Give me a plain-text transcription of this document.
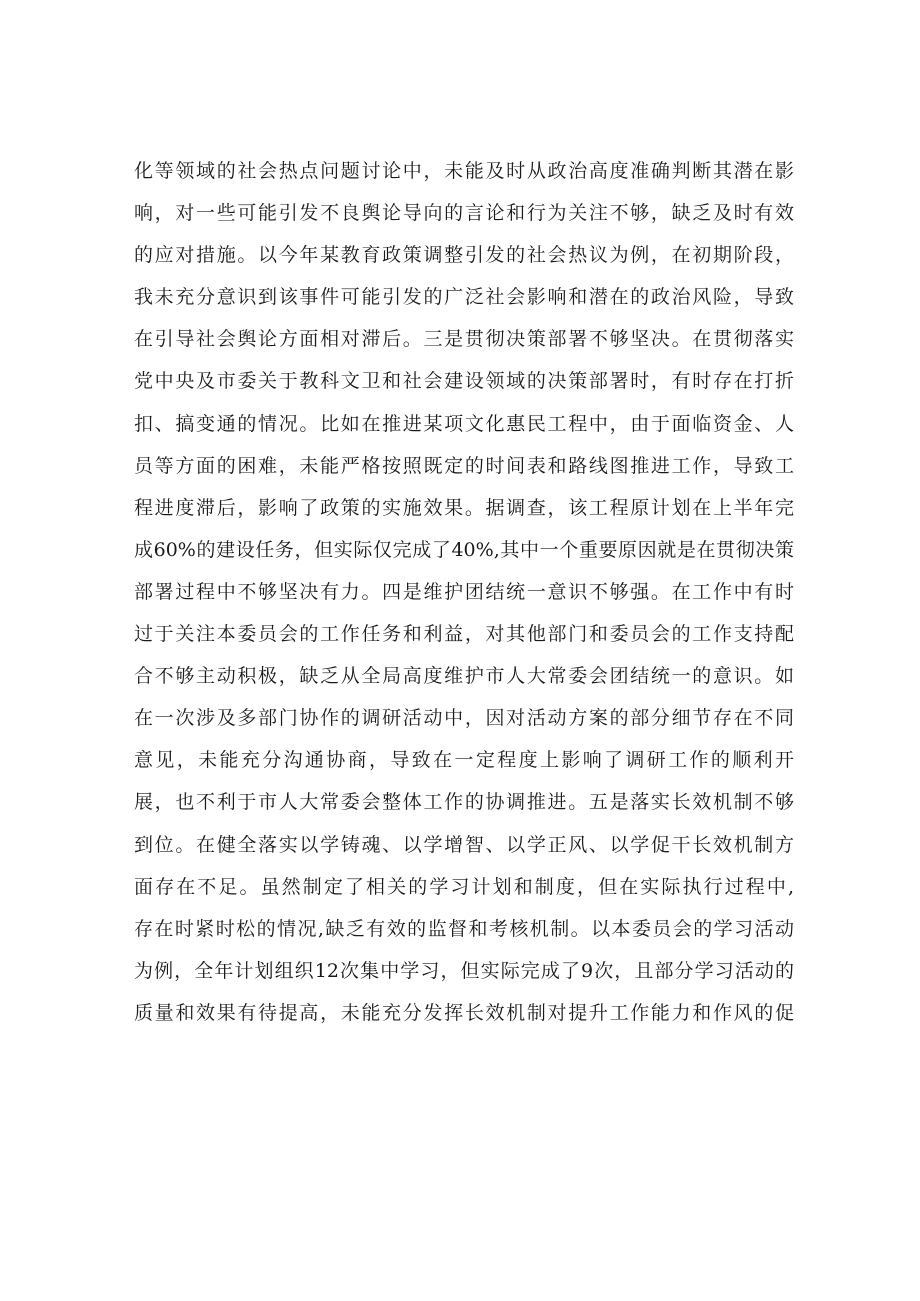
化等领域的社会热点问题讨论中，未能及时从政治高度准确判断其潜在影
响，对一些可能引发不良舆论导向的言论和行为关注不够，缺乏及时有效
的应对措施。以今年某教育政策调整引发的社会热议为例，在初期阶段，
我未充分意识到该事件可能引发的广泛社会影响和潜在的政治风险，导致
在引导社会舆论方面相对滞后。三是贯彻决策部署不够坚决。在贯彻落实
党中央及市委关于教科文卫和社会建设领域的决策部署时，有时存在打折
扣、搞变通的情况。比如在推进某项文化惠民工程中，由于面临资金、人
员等方面的困难，未能严格按照既定的时间表和路线图推进工作，导致工
程进度滞后，影响了政策的实施效果。据调查，该工程原计划在上半年完
成60%的建设任务，但实际仅完成了40%,其中一个重要原因就是在贯彻决策
部署过程中不够坚决有力。四是维护团结统一意识不够强。在工作中有时
过于关注本委员会的工作任务和利益，对其他部门和委员会的工作支持配
合不够主动积极，缺乏从全局高度维护市人大常委会团结统一的意识。如
在一次涉及多部门协作的调研活动中，因对活动方案的部分细节存在不同
意见，未能充分沟通协商，导致在一定程度上影响了调研工作的顺利开
展，也不利于市人大常委会整体工作的协调推进。五是落实长效机制不够
到位。在健全落实以学铸魂、以学增智、以学正风、以学促干长效机制方
面存在不足。虽然制定了相关的学习计划和制度，但在实际执行过程中,
存在时紧时松的情况,缺乏有效的监督和考核机制。以本委员会的学习活动
为例，全年计划组织12次集中学习，但实际完成了9次，且部分学习活动的
质量和效果有待提高，未能充分发挥长效机制对提升工作能力和作风的促
